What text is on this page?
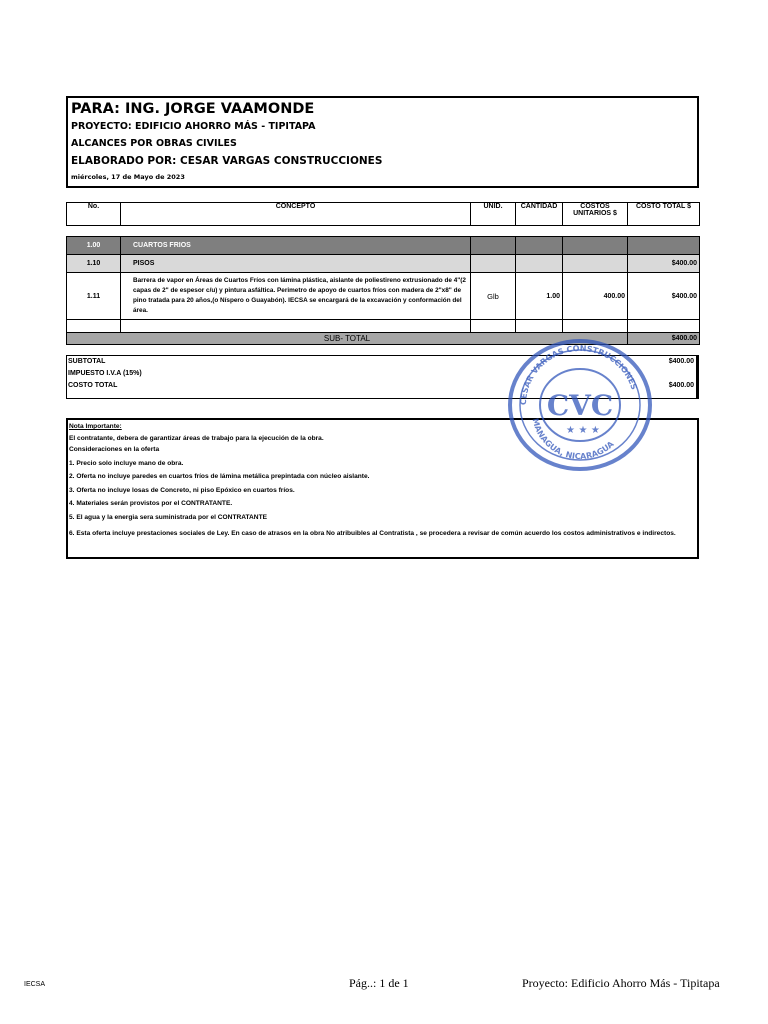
PARA: ING. JORGE VAAMONDE
PROYECTO: EDIFICIO AHORRO MÁS - TIPITAPA
ALCANCES POR OBRAS CIVILES
ELABORADO POR: CESAR VARGAS CONSTRUCCIONES
miércoles, 17 de Mayo de 2023
No.	CONCEPTO	UNID.	CANTIDAD	COSTOS UNITARIOS $	COSTO TOTAL $
1.00	CUARTOS FRIOS				
1.10	PISOS				$400.00
1.11	Barrera de vapor en Áreas de Cuartos Fríos con lámina plástica, aislante de poliestireno extrusionado de 4"(2 capas de 2" de espesor c/u) y pintura asfáltica. Perimetro de apoyo de cuartos fríos con madera de 2"x8" de pino tratada para 20 años,(o Níspero o Guayabón). IECSA se encargará de la excavación y conformación del área.	Glb	1.00	400.00	$400.00

SUB- TOTAL					$400.00
SUBTOTAL	$400.00
IMPUESTO I.V.A (15%)
COSTO TOTAL	$400.00
Nota Importante:
El contratante, debera de garantizar áreas de trabajo para la ejecución de la obra.
Consideraciones en la oferta
1. Precio solo incluye mano de obra.
2. Oferta no incluye paredes en cuartos fríos de lámina metálica prepintada con núcleo aislante.
3. Oferta no incluye losas de Concreto, ni piso Epóxico en cuartos fríos.
4. Materiales serán provistos por el CONTRATANTE.
5. El agua y la energia sera suministrada por el CONTRATANTE
6. Esta oferta incluye prestaciones sociales de Ley. En caso de atrasos en la obra No atribuibles al Contratista , se procedera a revisar de común acuerdo los costos administrativos e indirectos.
CESAR VARGAS CONSTRUCCIONES
MANAGUA, NICARAGUA
CVC
★ ★ ★
IECSA	Pág..: 1 de 1	Proyecto: Edificio Ahorro Más - Tipitapa
